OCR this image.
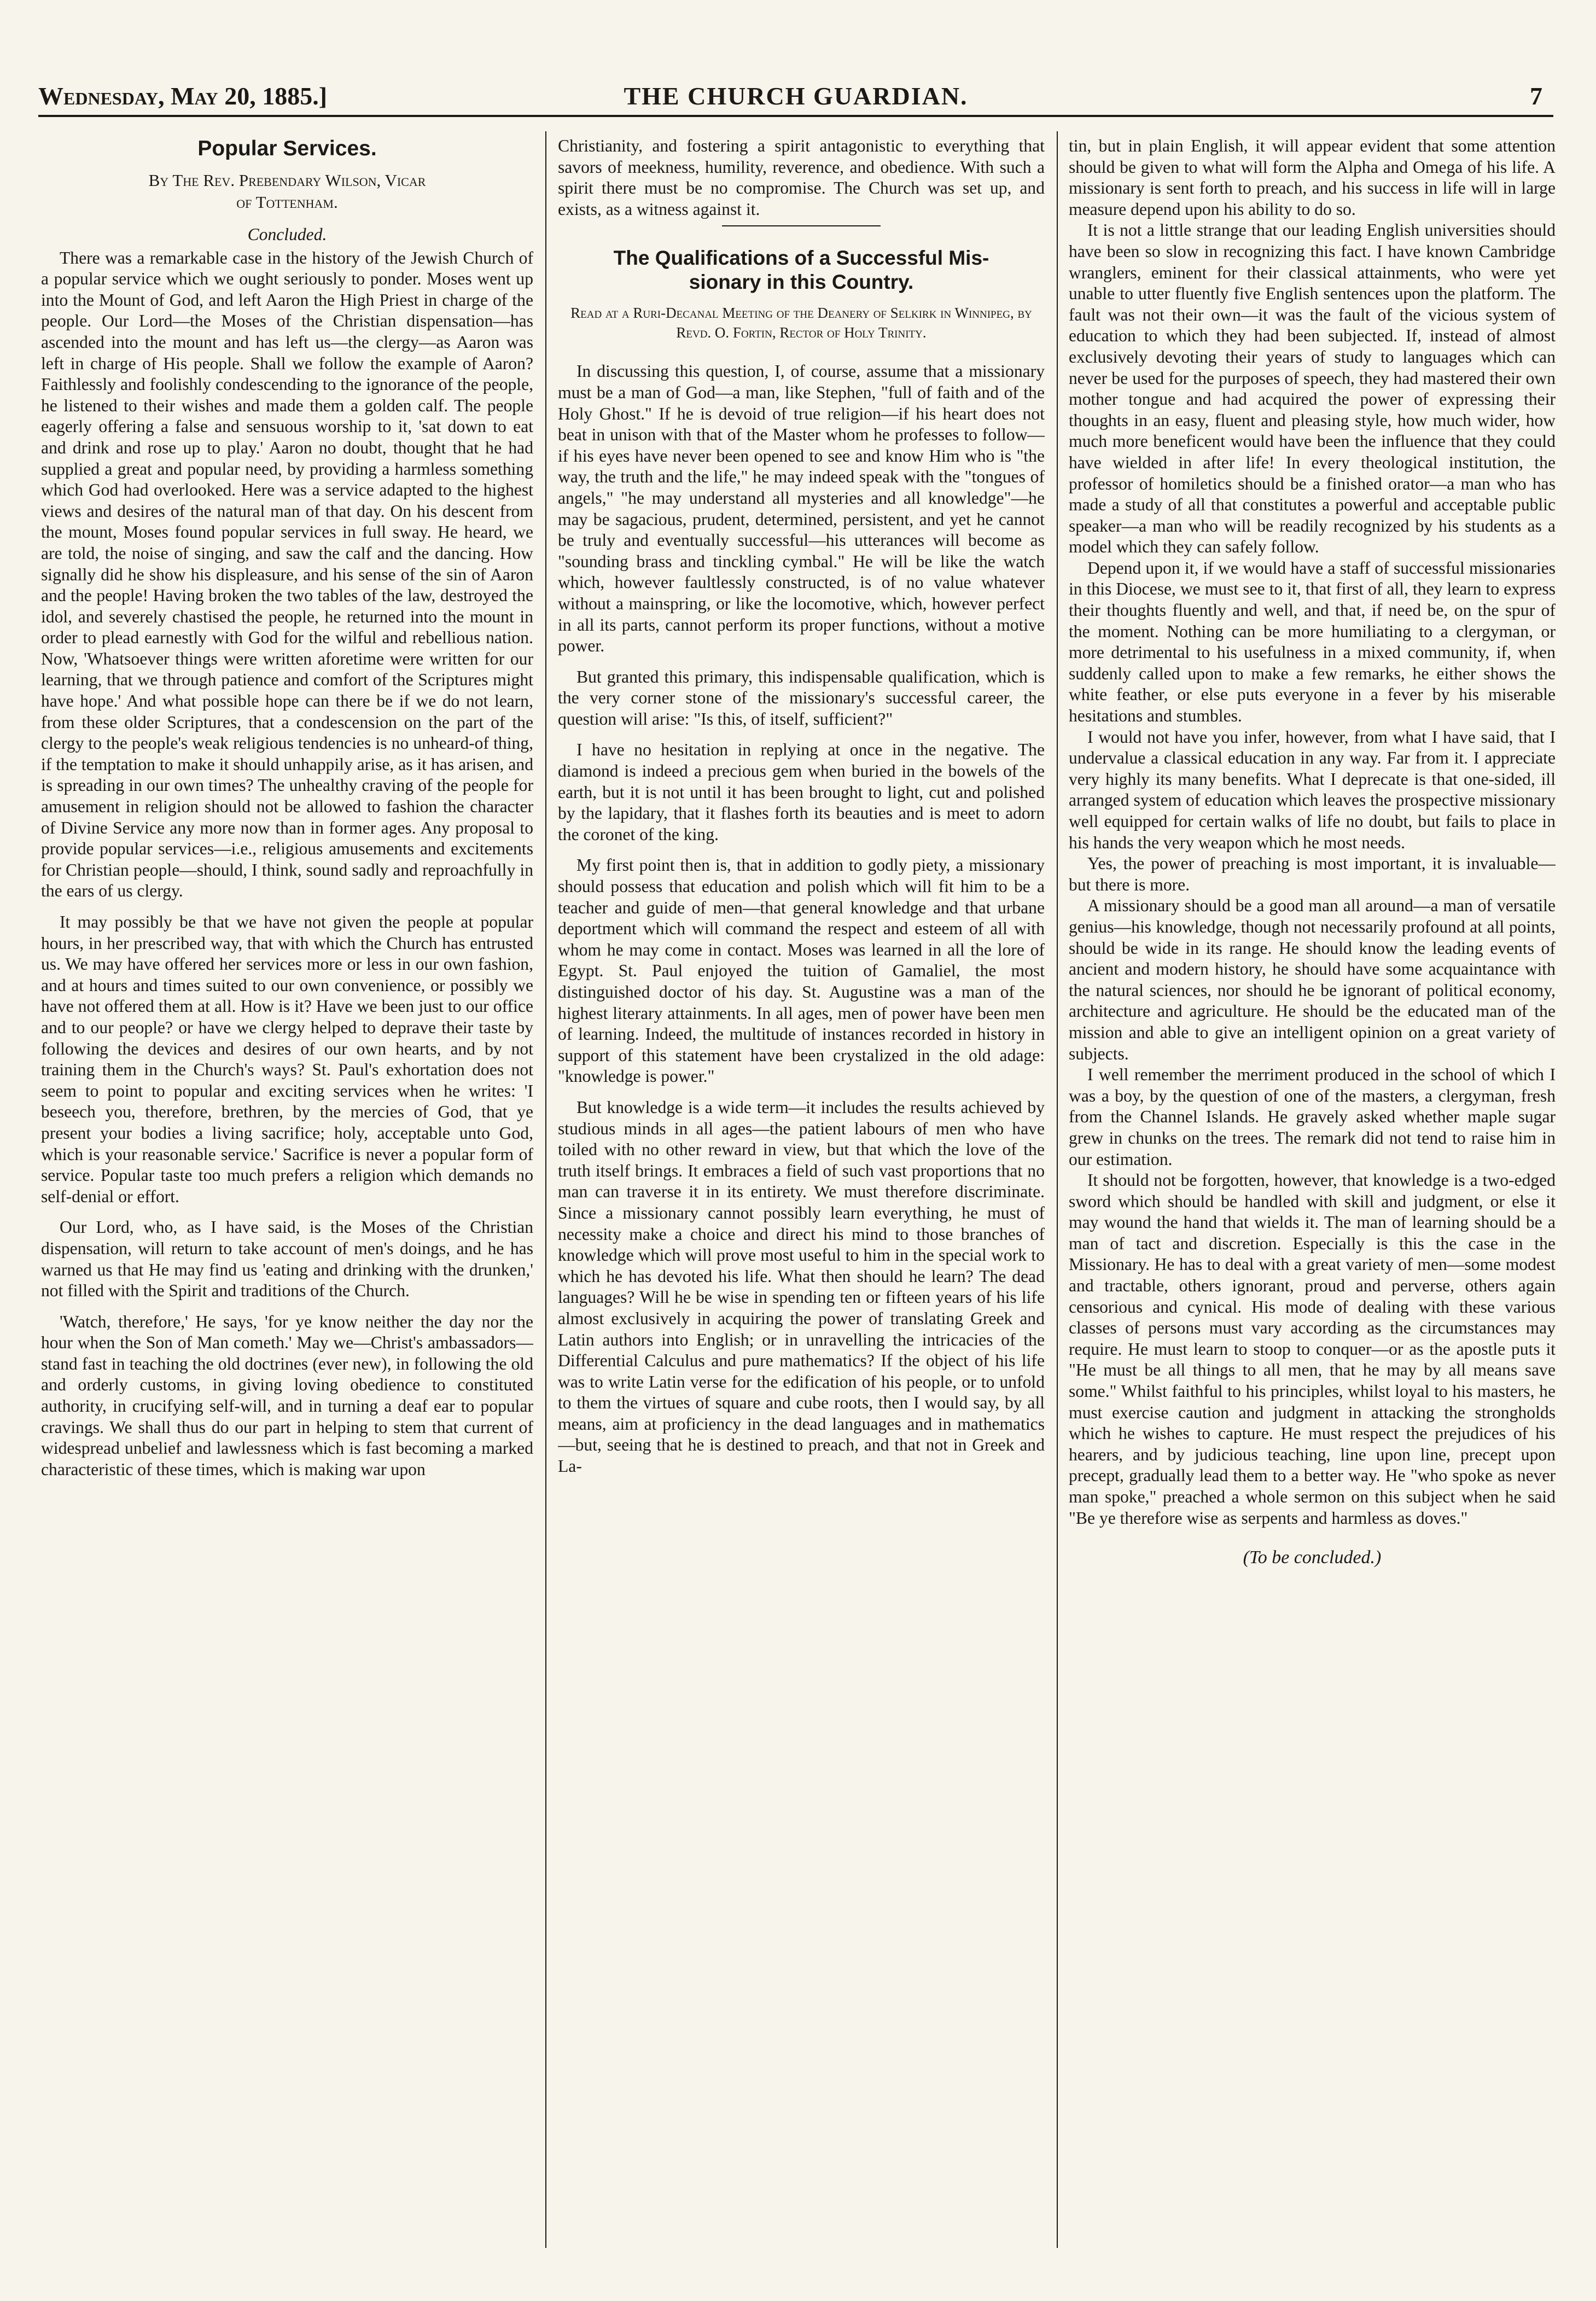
Wednesday, May 20, 1885.]	THE CHURCH GUARDIAN.	7
Popular Services.
By The Rev. Prebendary Wilson, Vicar
of Tottenham.
Concluded.

There was a remarkable case in the history of the Jewish Church of a popular service which we ought seriously to ponder. Moses went up into the Mount of God, and left Aaron the High Priest in charge of the people. Our Lord—the Moses of the Christian dispensation—has ascended into the mount and has left us—the clergy—as Aaron was left in charge of His people. Shall we follow the example of Aaron? Faithlessly and foolishly condescending to the ignorance of the people, he listened to their wishes and made them a golden calf. The people eagerly offering a false and sensuous worship to it, 'sat down to eat and drink and rose up to play.' Aaron no doubt, thought that he had supplied a great and popular need, by providing a harmless something which God had overlooked. Here was a service adapted to the highest views and desires of the natural man of that day. On his descent from the mount, Moses found popular services in full sway. He heard, we are told, the noise of singing, and saw the calf and the dancing. How signally did he show his displeasure, and his sense of the sin of Aaron and the people! Having broken the two tables of the law, destroyed the idol, and severely chastised the people, he returned into the mount in order to plead earnestly with God for the wilful and rebellious nation. Now, 'Whatsoever things were written aforetime were written for our learning, that we through patience and comfort of the Scriptures might have hope.' And what possible hope can there be if we do not learn, from these older Scriptures, that a condescension on the part of the clergy to the people's weak religious tendencies is no unheard-of thing, if the temptation to make it should unhappily arise, as it has arisen, and is spreading in our own times? The unhealthy craving of the people for amusement in religion should not be allowed to fashion the character of Divine Service any more now than in former ages. Any proposal to provide popular services—i.e., religious amusements and excitements for Christian people—should, I think, sound sadly and reproachfully in the ears of us clergy.

It may possibly be that we have not given the people at popular hours, in her prescribed way, that with which the Church has entrusted us. We may have offered her services more or less in our own fashion, and at hours and times suited to our own convenience, or possibly we have not offered them at all. How is it? Have we been just to our office and to our people? or have we clergy helped to deprave their taste by following the devices and desires of our own hearts, and by not training them in the Church's ways? St. Paul's exhortation does not seem to point to popular and exciting services when he writes: 'I beseech you, therefore, brethren, by the mercies of God, that ye present your bodies a living sacrifice; holy, acceptable unto God, which is your reasonable service.' Sacrifice is never a popular form of service. Popular taste too much prefers a religion which demands no self-denial or effort.

Our Lord, who, as I have said, is the Moses of the Christian dispensation, will return to take account of men's doings, and he has warned us that He may find us 'eating and drinking with the drunken,' not filled with the Spirit and traditions of the Church.

'Watch, therefore,' He says, 'for ye know neither the day nor the hour when the Son of Man cometh.' May we—Christ's ambassadors—stand fast in teaching the old doctrines (ever new), in following the old and orderly customs, in giving loving obedience to constituted authority, in crucifying self-will, and in turning a deaf ear to popular cravings. We shall thus do our part in helping to stem that current of widespread unbelief and lawlessness which is fast becoming a marked characteristic of these times, which is making war upon

Christianity, and fostering a spirit antagonistic to everything that savors of meekness, humility, reverence, and obedience. With such a spirit there must be no compromise. The Church was set up, and exists, as a witness against it.

The Qualifications of a Successful Mis-
sionary in this Country.
Read at a Ruri-Decanal Meeting of the Deanery of Selkirk in Winnipeg, by Revd. O. Fortin, Rector of Holy Trinity.

In discussing this question, I, of course, assume that a missionary must be a man of God—a man, like Stephen, "full of faith and of the Holy Ghost." If he is devoid of true religion—if his heart does not beat in unison with that of the Master whom he professes to follow—if his eyes have never been opened to see and know Him who is "the way, the truth and the life," he may indeed speak with the "tongues of angels," "he may understand all mysteries and all knowledge"—he may be sagacious, prudent, determined, persistent, and yet he cannot be truly and eventually successful—his utterances will become as "sounding brass and tinckling cymbal." He will be like the watch which, however faultlessly constructed, is of no value whatever without a mainspring, or like the locomotive, which, however perfect in all its parts, cannot perform its proper functions, without a motive power.

But granted this primary, this indispensable qualification, which is the very corner stone of the missionary's successful career, the question will arise: "Is this, of itself, sufficient?"

I have no hesitation in replying at once in the negative. The diamond is indeed a precious gem when buried in the bowels of the earth, but it is not until it has been brought to light, cut and polished by the lapidary, that it flashes forth its beauties and is meet to adorn the coronet of the king.

My first point then is, that in addition to godly piety, a missionary should possess that education and polish which will fit him to be a teacher and guide of men—that general knowledge and that urbane deportment which will command the respect and esteem of all with whom he may come in contact. Moses was learned in all the lore of Egypt. St. Paul enjoyed the tuition of Gamaliel, the most distinguished doctor of his day. St. Augustine was a man of the highest literary attainments. In all ages, men of power have been men of learning. Indeed, the multitude of instances recorded in history in support of this statement have been crystalized in the old adage: "knowledge is power."

But knowledge is a wide term—it includes the results achieved by studious minds in all ages—the patient labours of men who have toiled with no other reward in view, but that which the love of the truth itself brings. It embraces a field of such vast proportions that no man can traverse it in its entirety. We must therefore discriminate. Since a missionary cannot possibly learn everything, he must of necessity make a choice and direct his mind to those branches of knowledge which will prove most useful to him in the special work to which he has devoted his life. What then should he learn? The dead languages? Will he be wise in spending ten or fifteen years of his life almost exclusively in acquiring the power of translating Greek and Latin authors into English; or in unravelling the intricacies of the Differential Calculus and pure mathematics? If the object of his life was to write Latin verse for the edification of his people, or to unfold to them the virtues of square and cube roots, then I would say, by all means, aim at proficiency in the dead languages and in mathematics—but, seeing that he is destined to preach, and that not in Greek and La-

tin, but in plain English, it will appear evident that some attention should be given to what will form the Alpha and Omega of his life. A missionary is sent forth to preach, and his success in life will in large measure depend upon his ability to do so.

It is not a little strange that our leading English universities should have been so slow in recognizing this fact. I have known Cambridge wranglers, eminent for their classical attainments, who were yet unable to utter fluently five English sentences upon the platform. The fault was not their own—it was the fault of the vicious system of education to which they had been subjected. If, instead of almost exclusively devoting their years of study to languages which can never be used for the purposes of speech, they had mastered their own mother tongue and had acquired the power of expressing their thoughts in an easy, fluent and pleasing style, how much wider, how much more beneficent would have been the influence that they could have wielded in after life! In every theological institution, the professor of homiletics should be a finished orator—a man who has made a study of all that constitutes a powerful and acceptable public speaker—a man who will be readily recognized by his students as a model which they can safely follow.

Depend upon it, if we would have a staff of successful missionaries in this Diocese, we must see to it, that first of all, they learn to express their thoughts fluently and well, and that, if need be, on the spur of the moment. Nothing can be more humiliating to a clergyman, or more detrimental to his usefulness in a mixed community, if, when suddenly called upon to make a few remarks, he either shows the white feather, or else puts everyone in a fever by his miserable hesitations and stumbles.

I would not have you infer, however, from what I have said, that I undervalue a classical education in any way. Far from it. I appreciate very highly its many benefits. What I deprecate is that one-sided, ill arranged system of education which leaves the prospective missionary well equipped for certain walks of life no doubt, but fails to place in his hands the very weapon which he most needs.

Yes, the power of preaching is most important, it is invaluable—but there is more.

A missionary should be a good man all around—a man of versatile genius—his knowledge, though not necessarily profound at all points, should be wide in its range. He should know the leading events of ancient and modern history, he should have some acquaintance with the natural sciences, nor should he be ignorant of political economy, architecture and agriculture. He should be the educated man of the mission and able to give an intelligent opinion on a great variety of subjects.

I well remember the merriment produced in the school of which I was a boy, by the question of one of the masters, a clergyman, fresh from the Channel Islands. He gravely asked whether maple sugar grew in chunks on the trees. The remark did not tend to raise him in our estimation.

It should not be forgotten, however, that knowledge is a two-edged sword which should be handled with skill and judgment, or else it may wound the hand that wields it. The man of learning should be a man of tact and discretion. Especially is this the case in the Missionary. He has to deal with a great variety of men—some modest and tractable, others ignorant, proud and perverse, others again censorious and cynical. His mode of dealing with these various classes of persons must vary according as the circumstances may require. He must learn to stoop to conquer—or as the apostle puts it "He must be all things to all men, that he may by all means save some." Whilst faithful to his principles, whilst loyal to his masters, he must exercise caution and judgment in attacking the strongholds which he wishes to capture. He must respect the prejudices of his hearers, and by judicious teaching, line upon line, precept upon precept, gradually lead them to a better way. He "who spoke as never man spoke," preached a whole sermon on this subject when he said "Be ye therefore wise as serpents and harmless as doves."

(To be concluded.)
